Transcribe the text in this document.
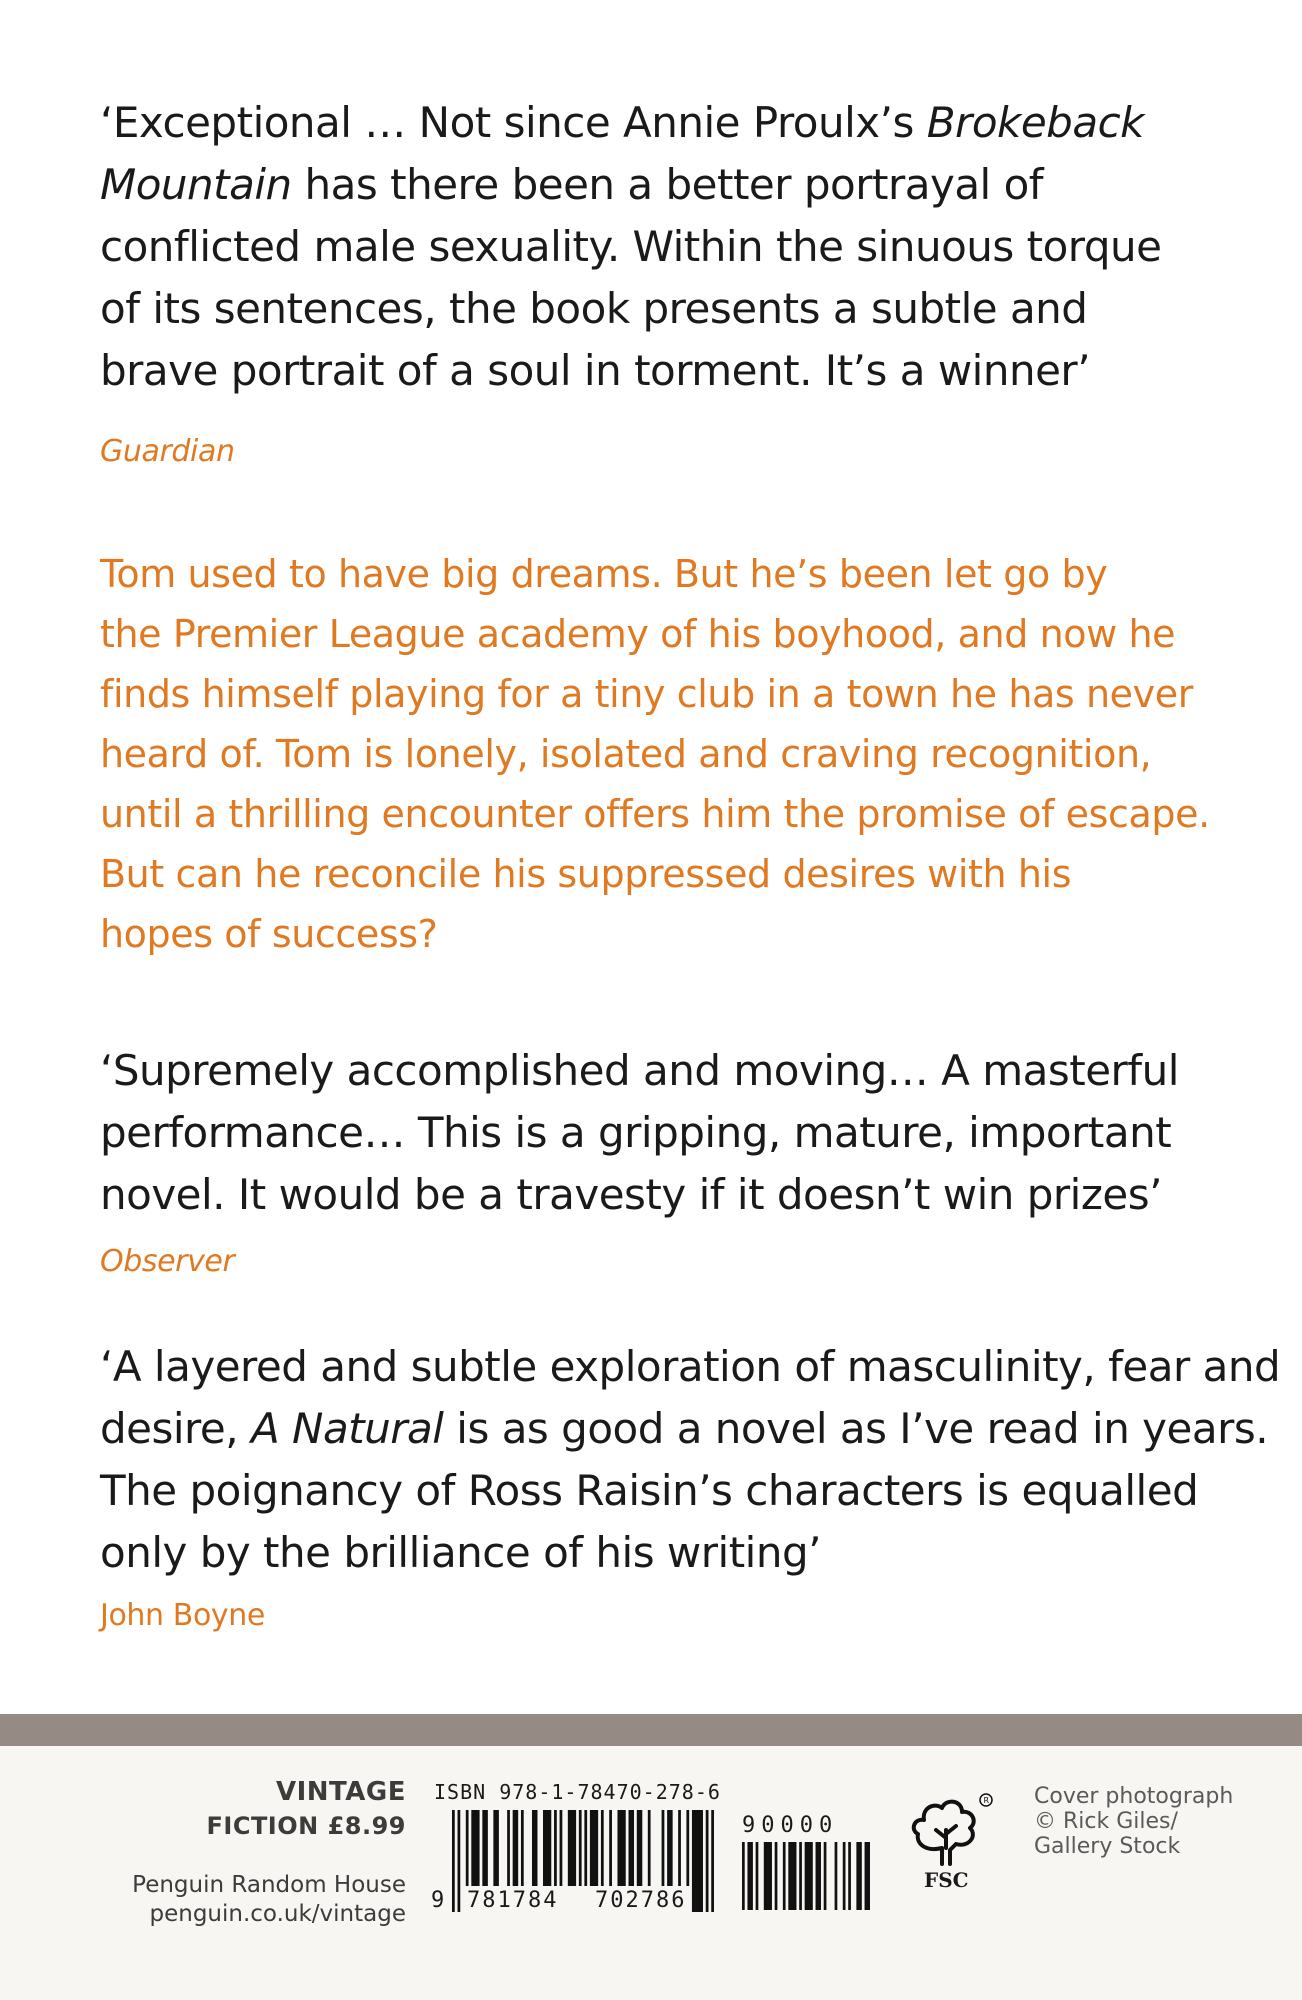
‘Exceptional … Not since Annie Proulx’s Brokeback
Mountain has there been a better portrayal of
conflicted male sexuality. Within the sinuous torque
of its sentences, the book presents a subtle and
brave portrait of a soul in torment. It’s a winner’
Guardian
Tom used to have big dreams. But he’s been let go by
the Premier League academy of his boyhood, and now he
finds himself playing for a tiny club in a town he has never
heard of. Tom is lonely, isolated and craving recognition,
until a thrilling encounter offers him the promise of escape.
But can he reconcile his suppressed desires with his
hopes of success?
‘Supremely accomplished and moving… A masterful
performance… This is a gripping, mature, important
novel. It would be a travesty if it doesn’t win prizes’
Observer
‘A layered and subtle exploration of masculinity, fear and
desire, A Natural is as good a novel as I’ve read in years.
The poignancy of Ross Raisin’s characters is equalled
only by the brilliance of his writing’
John Boyne
VINTAGE
FICTION £8.99
Penguin Random House
penguin.co.uk/vintage
ISBN 978-1-78470-278-6
9 781784 702786
90000
R
FSC
Cover photograph
© Rick Giles/
Gallery Stock
